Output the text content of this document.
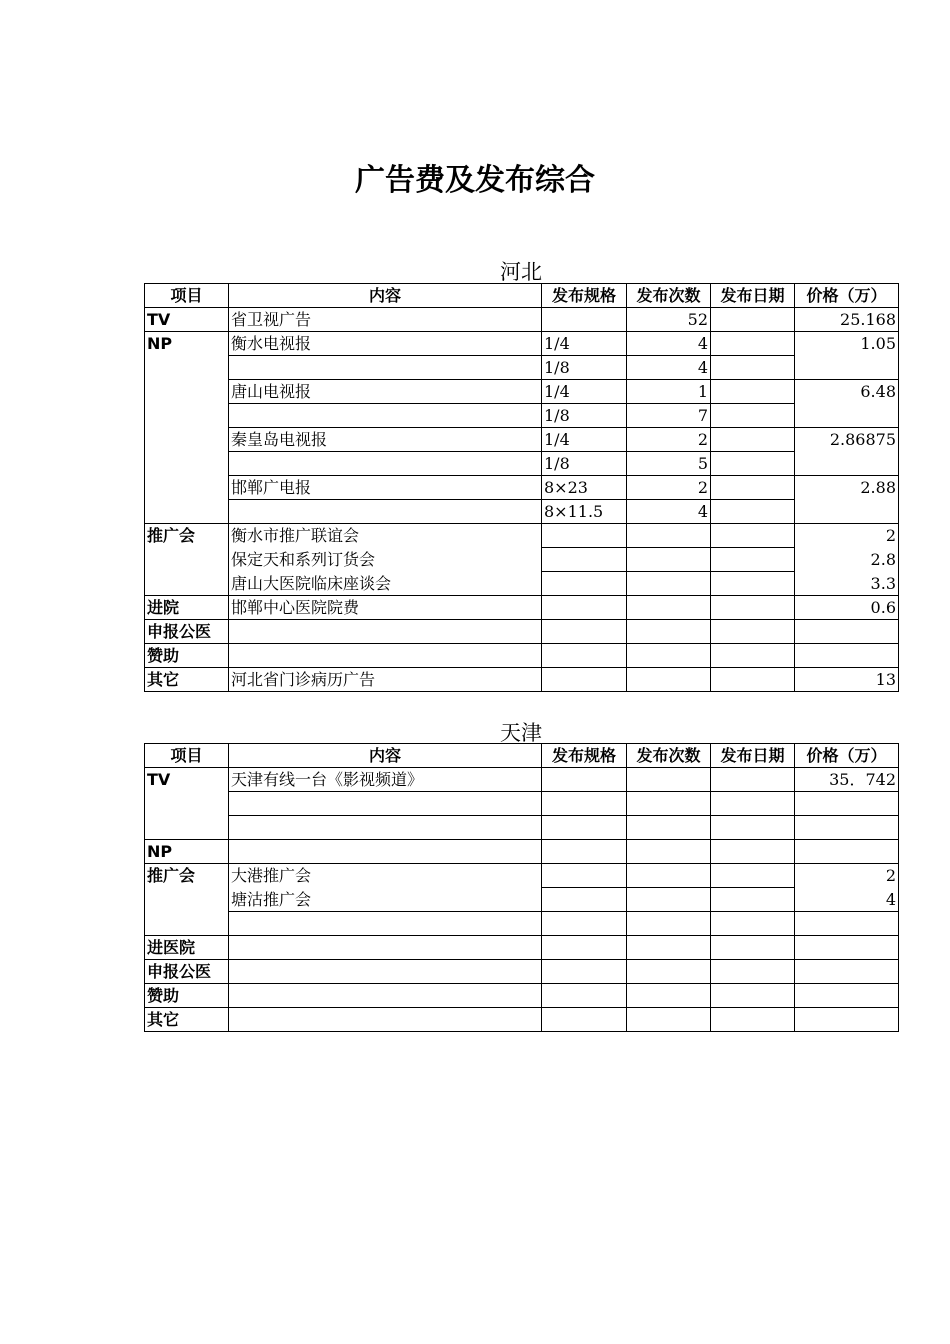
广告费及发布综合
河北
项目	内容	发布规格	发布次数	发布日期	价格（万）
TV	省卫视广告		52		25.168
NP	衡水电视报	1/4	4		1.05
		1/8	4		
	唐山电视报	1/4	1		6.48
		1/8	7		
	秦皇岛电视报	1/4	2		2.86875
		1/8	5		
	邯郸广电报	8×23	2		2.88
		8×11.5	4		
推广会	衡水市推广联谊会				2
	保定天和系列订货会				2.8
	唐山大医院临床座谈会				3.3
进院	邯郸中心医院院费				0.6
申报公医					
赞助					
其它	河北省门诊病历广告				13
天津
项目	内容	发布规格	发布次数	发布日期	价格（万）
TV	天津有线一台《影视频道》				35．742

NP					
推广会	大港推广会				2
	塘沽推广会				4

进医院					
申报公医					
赞助					
其它					
